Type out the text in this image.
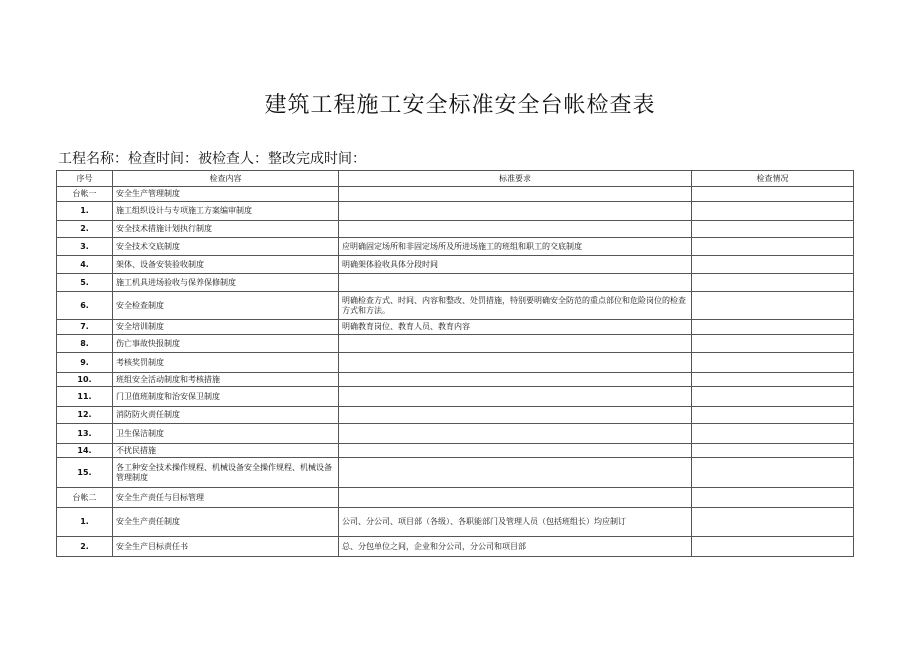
建筑工程施工安全标准安全台帐检查表
工程名称：检查时间：被检查人：整改完成时间：
序号	检查内容	标准要求	检查情况
台帐一	安全生产管理制度		
1.	施工组织设计与专项施工方案编审制度		
2.	安全技术措施计划执行制度		
3.	安全技术交底制度	应明确固定场所和非固定场所及所进场施工的班组和职工的交底制度	
4.	架体、设备安装验收制度	明确架体验收具体分段时间	
5.	施工机具进场验收与保养保修制度		
6.	安全检查制度	明确检查方式、时间、内容和整改、处罚措施，特别要明确安全防范的重点部位和危险岗位的检查方式和方法。	
7.	安全培训制度	明确教育岗位、教育人员、教育内容	
8.	伤亡事故快报制度		
9.	考核奖罚制度		
10.	班组安全活动制度和考核措施		
11.	门卫值班制度和治安保卫制度		
12.	消防防火责任制度		
13.	卫生保洁制度		
14.	不扰民措施		
15.	各工种安全技术操作规程、机械设备安全操作规程、机械设备管理制度		
台帐二	安全生产责任与目标管理		
1.	安全生产责任制度	公司、分公司、项目部（各级）、各职能部门及管理人员（包括班组长）均应制订	
2.	安全生产目标责任书	总、分包单位之间，企业和分公司，分公司和项目部	
